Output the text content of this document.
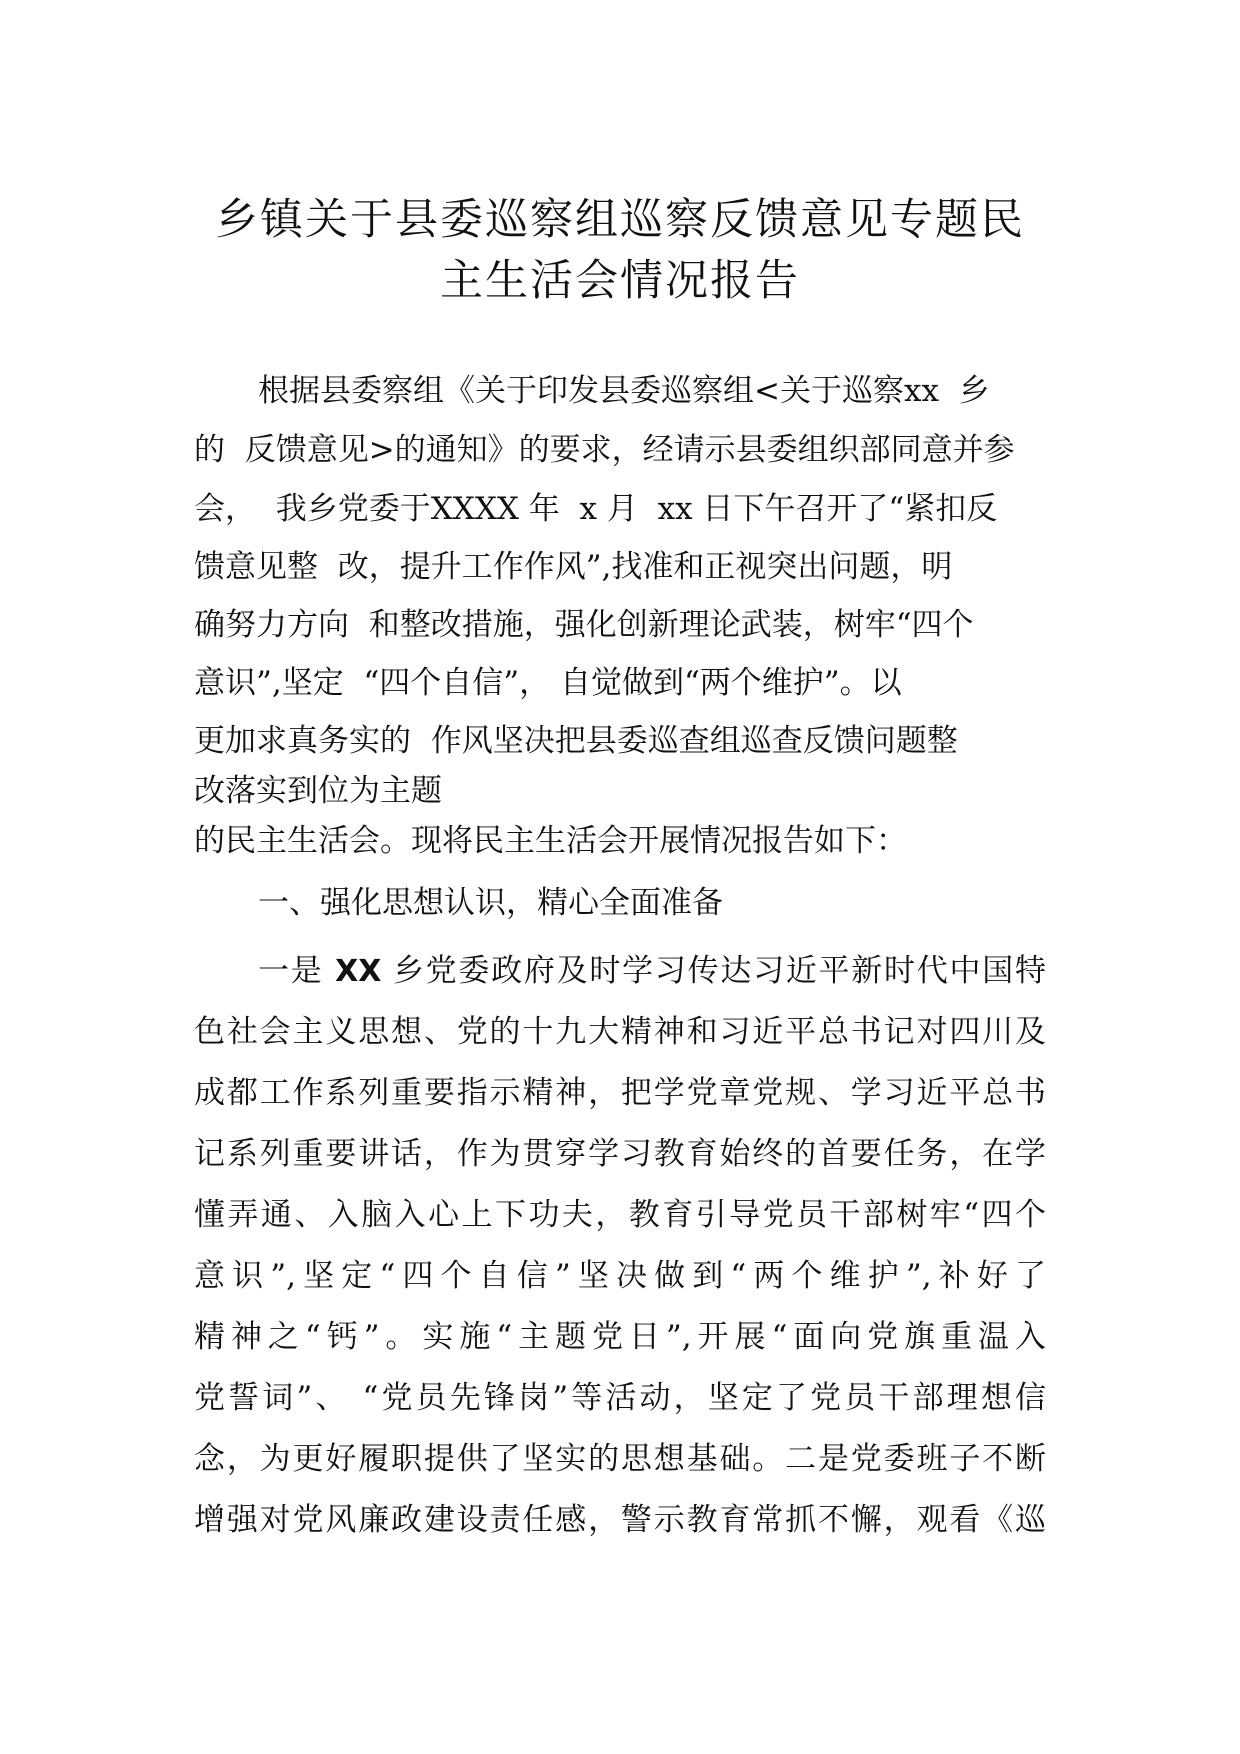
乡镇关于县委巡察组巡察反馈意见专题民
主生活会情况报告
根据县委察组《关于印发县委巡察组<关于巡察xx  乡
的  反馈意见>的通知》的要求，经请示县委组织部同意并参
会，  我乡党委于XXXX 年  x 月  xx 日下午召开了“紧扣反
馈意见整  改，提升工作作风”,找准和正视突出问题，明
确努力方向  和整改措施，强化创新理论武装，树牢“四个
意识”,坚定  “四个自信”， 自觉做到“两个维护”。以
更加求真务实的  作风坚决把县委巡查组巡查反馈问题整
改落实到位为主题
的民主生活会。现将民主生活会开展情况报告如下：
一、强化思想认识，精心全面准备
一是 XX 乡党委政府及时学习传达习近平新时代中国特
色社会主义思想、党的十九大精神和习近平总书记对四川及
成都工作系列重要指示精神，把学党章党规、学习近平总书
记系列重要讲话，作为贯穿学习教育始终的首要任务，在学
懂弄通、入脑入心上下功夫，教育引导党员干部树牢“四个
意识”,坚定“四个自信”坚决做到“两个维护”,补好了
精神之“钙”。实施“主题党日”,开展“面向党旗重温入
党誓词”、 “党员先锋岗”等活动，坚定了党员干部理想信
念，为更好履职提供了坚实的思想基础。二是党委班子不断
增强对党风廉政建设责任感，警示教育常抓不懈，观看《巡
